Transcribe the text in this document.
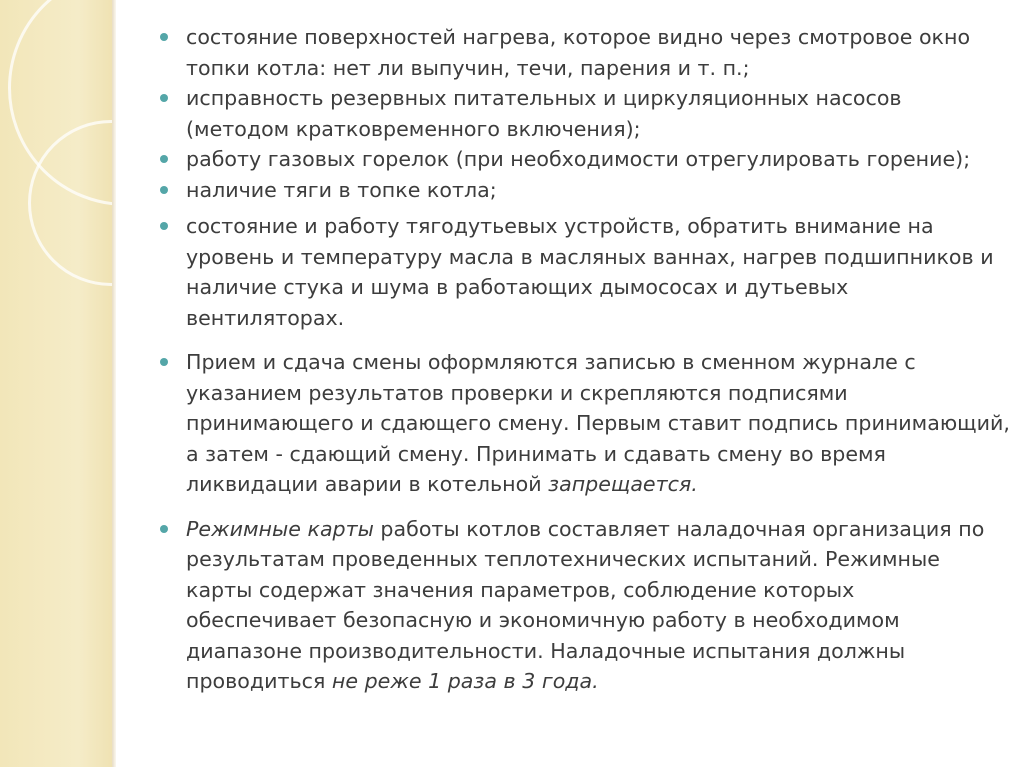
состояние поверхностей нагрева, которое видно через смотровое окно топки котла: нет ли выпучин, течи, парения и т. п.;
исправность резервных питательных и циркуляционных насосов (методом кратковременного включения);
работу газовых горелок (при необходимости отрегулировать горение);
наличие тяги в топке котла;
состояние и работу тягодутьевых устройств, обратить внимание на уровень и температуру масла в масляных ваннах, нагрев подшипников и наличие стука и шума в работающих дымососах и дутьевых вентиляторах.
Прием и сдача смены оформляются записью в сменном журнале с указанием результатов проверки и скрепляются подписями принимающего и сдающего смену. Первым ставит подпись принимающий, а затем - сдающий смену. Принимать и сдавать смену во время ликвидации аварии в котельной запрещается.
Режимные карты работы котлов составляет наладочная организация по результатам проведенных теплотехнических испытаний. Режимные карты содержат значения параметров, соблюдение которых обеспечивает безопасную и экономичную работу в необходимом диапазоне производительности. Наладочные испытания должны проводиться не реже 1 раза в 3 года.
